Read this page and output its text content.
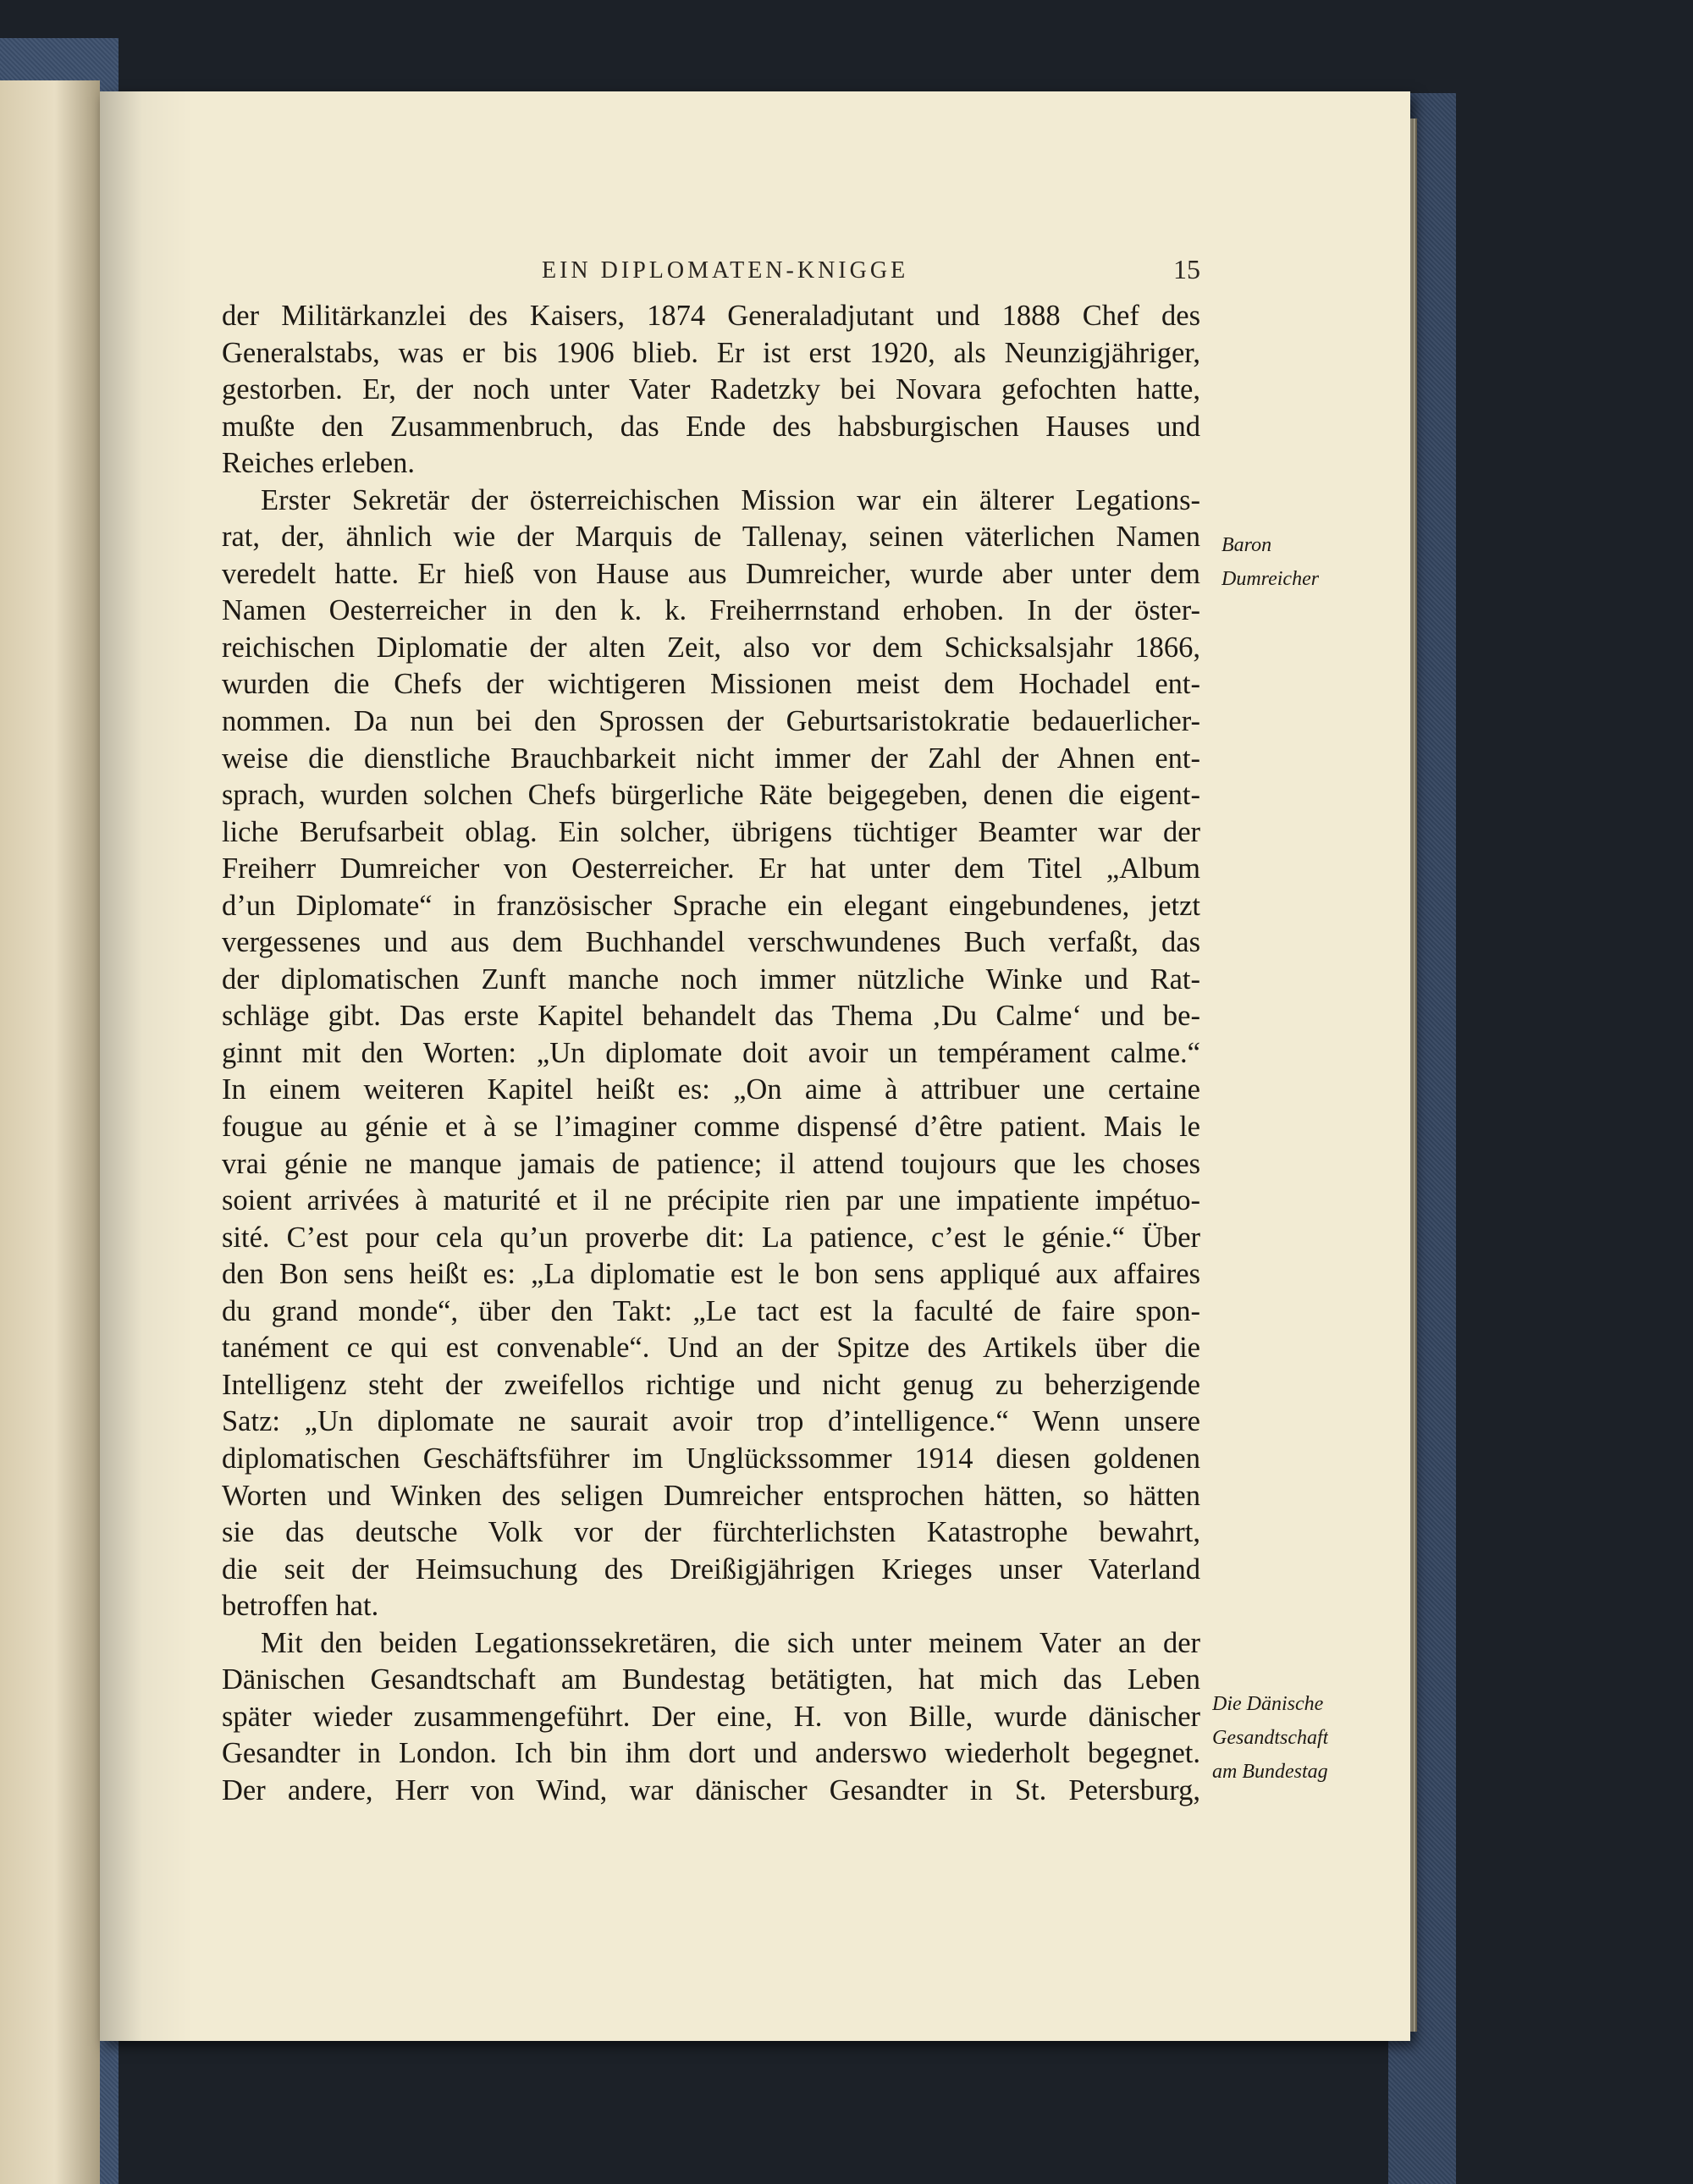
EIN DIPLOMATEN-KNIGGE	15
der Militärkanzlei des Kaisers, 1874 Generaladjutant und 1888 Chef des
Generalstabs, was er bis 1906 blieb. Er ist erst 1920, als Neunzigjähriger,
gestorben. Er, der noch unter Vater Radetzky bei Novara gefochten hatte,
mußte den Zusammenbruch, das Ende des habsburgischen Hauses und
Reiches erleben.
Erster Sekretär der österreichischen Mission war ein älterer Legations-
rat, der, ähnlich wie der Marquis de Tallenay, seinen väterlichen Namen
veredelt hatte. Er hieß von Hause aus Dumreicher, wurde aber unter dem
Namen Oesterreicher in den k. k. Freiherrnstand erhoben. In der öster-
reichischen Diplomatie der alten Zeit, also vor dem Schicksalsjahr 1866,
wurden die Chefs der wichtigeren Missionen meist dem Hochadel ent-
nommen. Da nun bei den Sprossen der Geburtsaristokratie bedauerlicher-
weise die dienstliche Brauchbarkeit nicht immer der Zahl der Ahnen ent-
sprach, wurden solchen Chefs bürgerliche Räte beigegeben, denen die eigent-
liche Berufsarbeit oblag. Ein solcher, übrigens tüchtiger Beamter war der
Freiherr Dumreicher von Oesterreicher. Er hat unter dem Titel „Album
d’un Diplomate“ in französischer Sprache ein elegant eingebundenes, jetzt
vergessenes und aus dem Buchhandel verschwundenes Buch verfaßt, das
der diplomatischen Zunft manche noch immer nützliche Winke und Rat-
schläge gibt. Das erste Kapitel behandelt das Thema ‚Du Calme‘ und be-
ginnt mit den Worten: „Un diplomate doit avoir un tempérament calme.“
In einem weiteren Kapitel heißt es: „On aime à attribuer une certaine
fougue au génie et à se l’imaginer comme dispensé d’être patient. Mais le
vrai génie ne manque jamais de patience; il attend toujours que les choses
soient arrivées à maturité et il ne précipite rien par une impatiente impétuo-
sité. C’est pour cela qu’un proverbe dit: La patience, c’est le génie.“ Über
den Bon sens heißt es: „La diplomatie est le bon sens appliqué aux affaires
du grand monde“, über den Takt: „Le tact est la faculté de faire spon-
tanément ce qui est convenable“. Und an der Spitze des Artikels über die
Intelligenz steht der zweifellos richtige und nicht genug zu beherzigende
Satz: „Un diplomate ne saurait avoir trop d’intelligence.“ Wenn unsere
diplomatischen Geschäftsführer im Unglückssommer 1914 diesen goldenen
Worten und Winken des seligen Dumreicher entsprochen hätten, so hätten
sie das deutsche Volk vor der fürchterlichsten Katastrophe bewahrt,
die seit der Heimsuchung des Dreißigjährigen Krieges unser Vaterland
betroffen hat.
Mit den beiden Legationssekretären, die sich unter meinem Vater an der
Dänischen Gesandtschaft am Bundestag betätigten, hat mich das Leben
später wieder zusammengeführt. Der eine, H. von Bille, wurde dänischer
Gesandter in London. Ich bin ihm dort und anderswo wiederholt begegnet.
Der andere, Herr von Wind, war dänischer Gesandter in St. Petersburg,
Baron
Dumreicher
Die Dänische
Gesandtschaft
am Bundestag
